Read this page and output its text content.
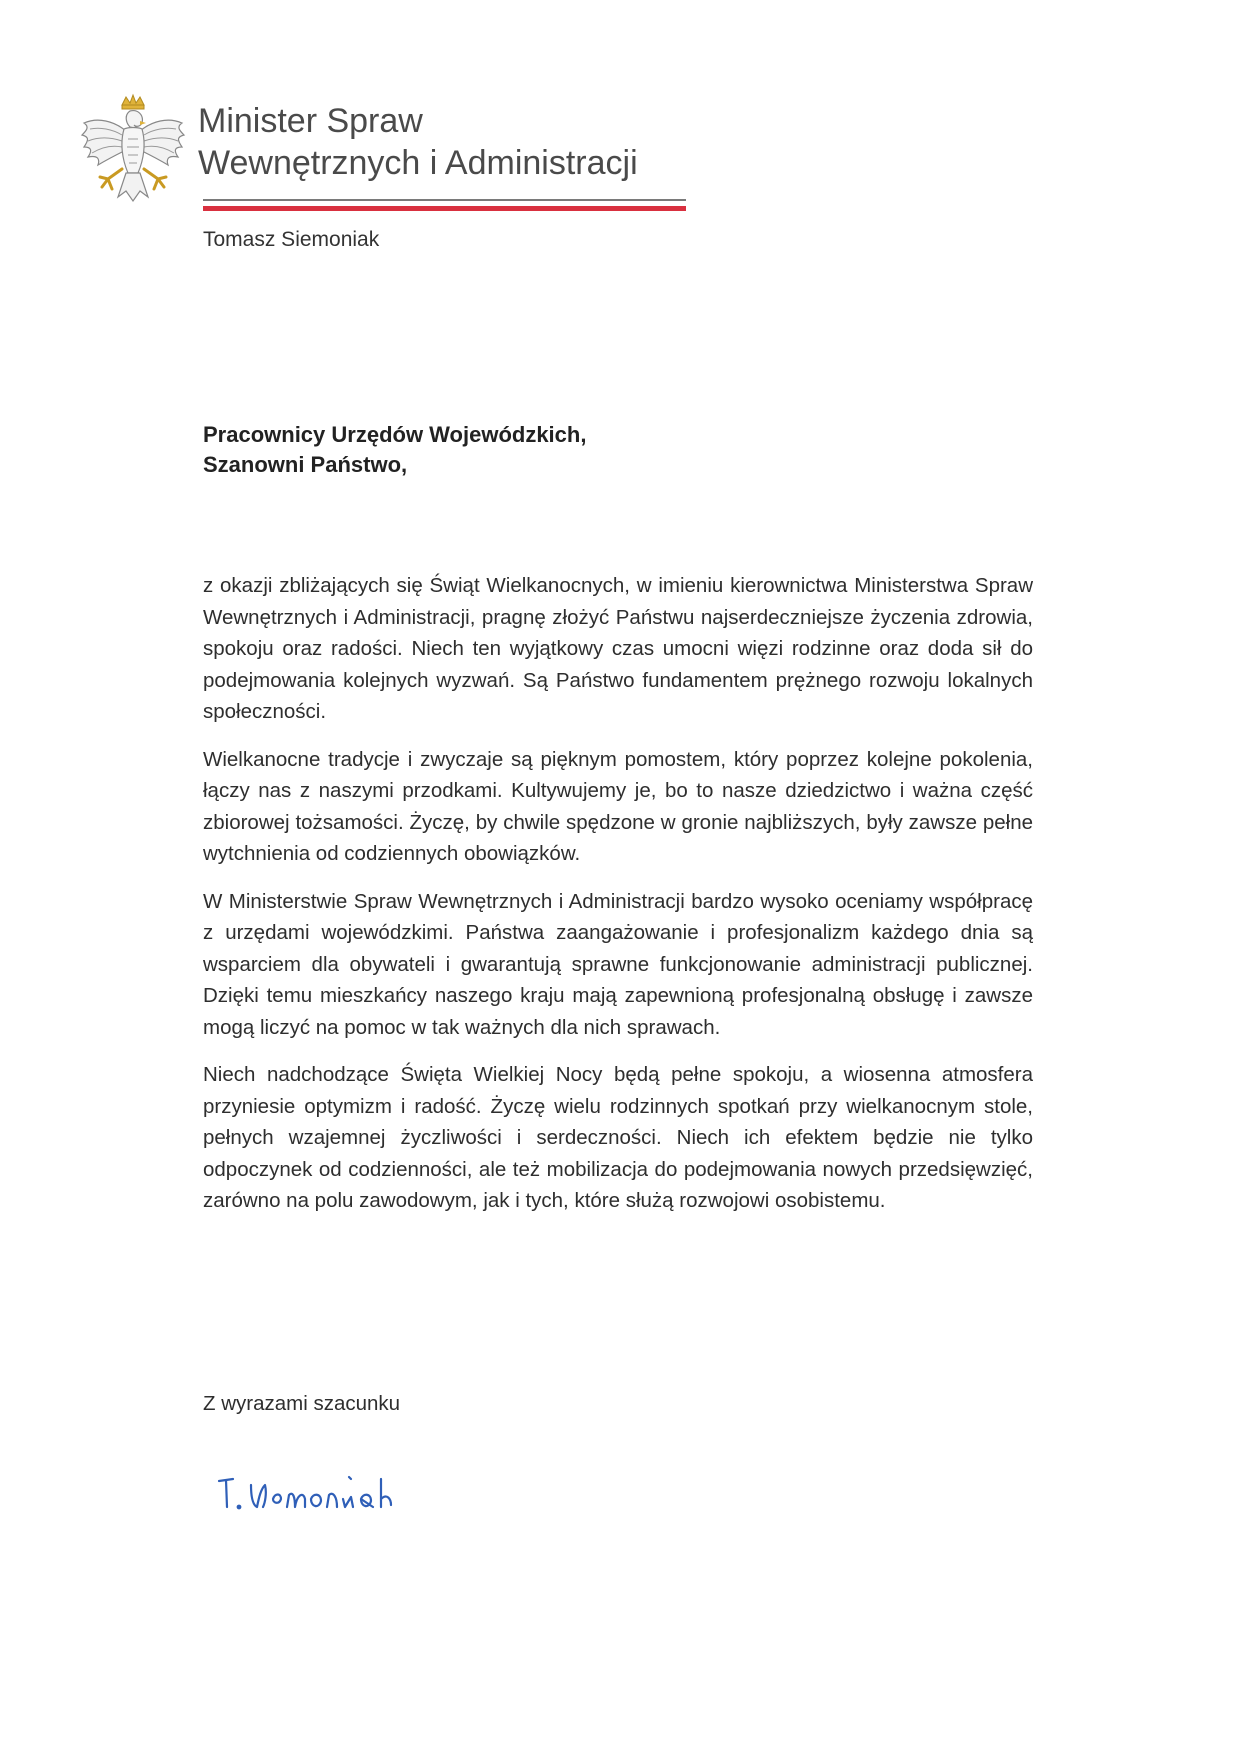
Minister Spraw
Wewnętrznych i Administracji
Tomasz Siemoniak
Pracownicy Urzędów Wojewódzkich,
Szanowni Państwo,

z okazji zbliżających się Świąt Wielkanocnych, w imieniu kierownictwa Ministerstwa Spraw Wewnętrznych i Administracji, pragnę złożyć Państwu najserdeczniejsze życzenia zdrowia, spokoju oraz radości. Niech ten wyjątkowy czas umocni więzi rodzinne oraz doda sił do podejmowania kolejnych wyzwań. Są Państwo fundamentem prężnego rozwoju lokalnych społeczności.

Wielkanocne tradycje i zwyczaje są pięknym pomostem, który poprzez kolejne pokolenia, łączy nas z naszymi przodkami. Kultywujemy je, bo to nasze dziedzictwo i ważna część zbiorowej tożsamości. Życzę, by chwile spędzone w gronie najbliższych, były zawsze pełne wytchnienia od codziennych obowiązków.

W Ministerstwie Spraw Wewnętrznych i Administracji bardzo wysoko oceniamy współpracę z urzędami wojewódzkimi. Państwa zaangażowanie i profesjonalizm każdego dnia są wsparciem dla obywateli i gwarantują sprawne funkcjonowanie administracji publicznej. Dzięki temu mieszkańcy naszego kraju mają zapewnioną profesjonalną obsługę i zawsze mogą liczyć na pomoc w tak ważnych dla nich sprawach.

Niech nadchodzące Święta Wielkiej Nocy będą pełne spokoju, a wiosenna atmosfera przyniesie optymizm i radość. Życzę wielu rodzinnych spotkań przy wielkanocnym stole, pełnych wzajemnej życzliwości i serdeczności. Niech ich efektem będzie nie tylko odpoczynek od codzienności, ale też mobilizacja do podejmowania nowych przedsięwzięć, zarówno na polu zawodowym, jak i tych, które służą rozwojowi osobistemu.

Z wyrazami szacunku
